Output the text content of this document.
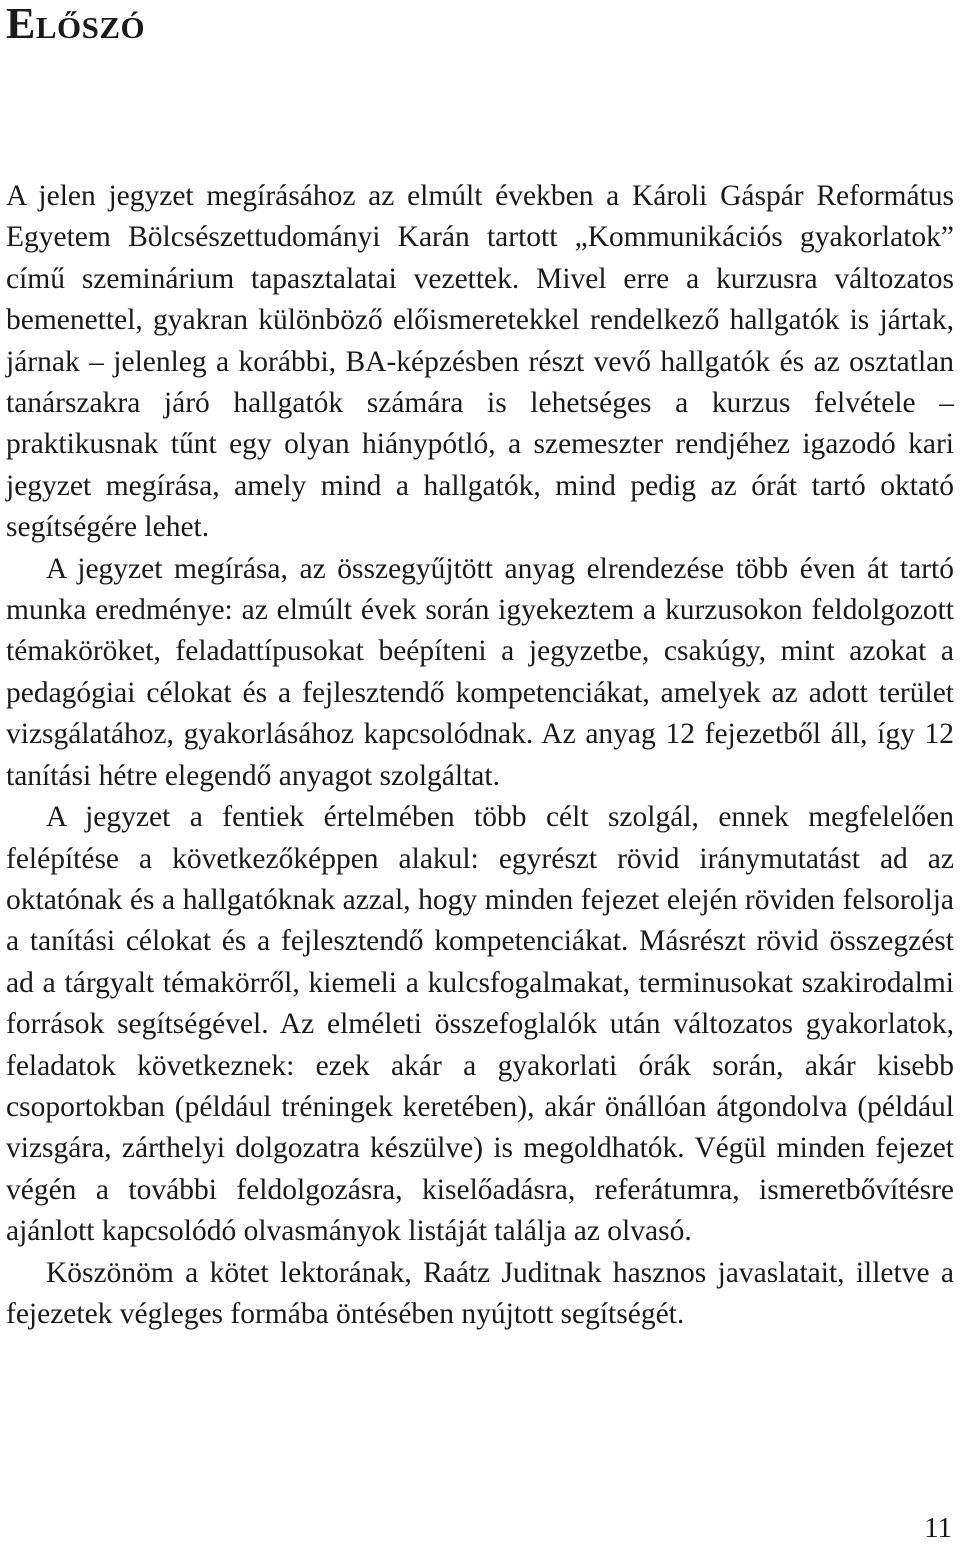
Előszó

A jelen jegyzet megírásához az elmúlt években a Károli Gáspár Református Egyetem Bölcsészettudományi Karán tartott „Kommunikációs gyakorlatok” című szeminárium tapasztalatai vezettek. Mivel erre a kurzusra változatos bemenettel, gyakran különböző előismeretekkel rendelkező hallgatók is jártak, járnak – jelenleg a korábbi, BA-képzésben részt vevő hallgatók és az osztatlan tanárszakra járó hallgatók számára is lehetséges a kurzus felvétele – praktikusnak tűnt egy olyan hiánypótló, a szemeszter rendjéhez igazodó kari jegyzet megírása, amely mind a hallgatók, mind pedig az órát tartó oktató segítségére lehet.

A jegyzet megírása, az összegyűjtött anyag elrendezése több éven át tartó munka eredménye: az elmúlt évek során igyekeztem a kurzusokon feldolgozott témaköröket, feladattípusokat beépíteni a jegyzetbe, csakúgy, mint azokat a pedagógiai célokat és a fejlesztendő kompetenciákat, amelyek az adott terület vizsgálatához, gyakorlásához kapcsolódnak. Az anyag 12 fejezetből áll, így 12 tanítási hétre elegendő anyagot szolgáltat.

A jegyzet a fentiek értelmében több célt szolgál, ennek megfelelően felépítése a következőképpen alakul: egyrészt rövid iránymutatást ad az oktatónak és a hallgatóknak azzal, hogy minden fejezet elején röviden felsorolja a tanítási célokat és a fejlesztendő kompetenciákat. Másrészt rövid összegzést ad a tárgyalt témakörről, kiemeli a kulcsfogalmakat, terminusokat szakirodalmi források segítségével. Az elméleti összefoglalók után változatos gyakorlatok, feladatok következnek: ezek akár a gyakorlati órák során, akár kisebb csoportokban (például tréningek keretében), akár önállóan átgondolva (például vizsgára, zárthelyi dolgozatra készülve) is megoldhatók. Végül minden fejezet végén a további feldolgozásra, kiselőadásra, referátumra, ismeretbővítésre ajánlott kapcsolódó olvasmányok listáját találja az olvasó.

Köszönöm a kötet lektorának, Raátz Juditnak hasznos javaslatait, illetve a fejezetek végleges formába öntésében nyújtott segítségét.

11
